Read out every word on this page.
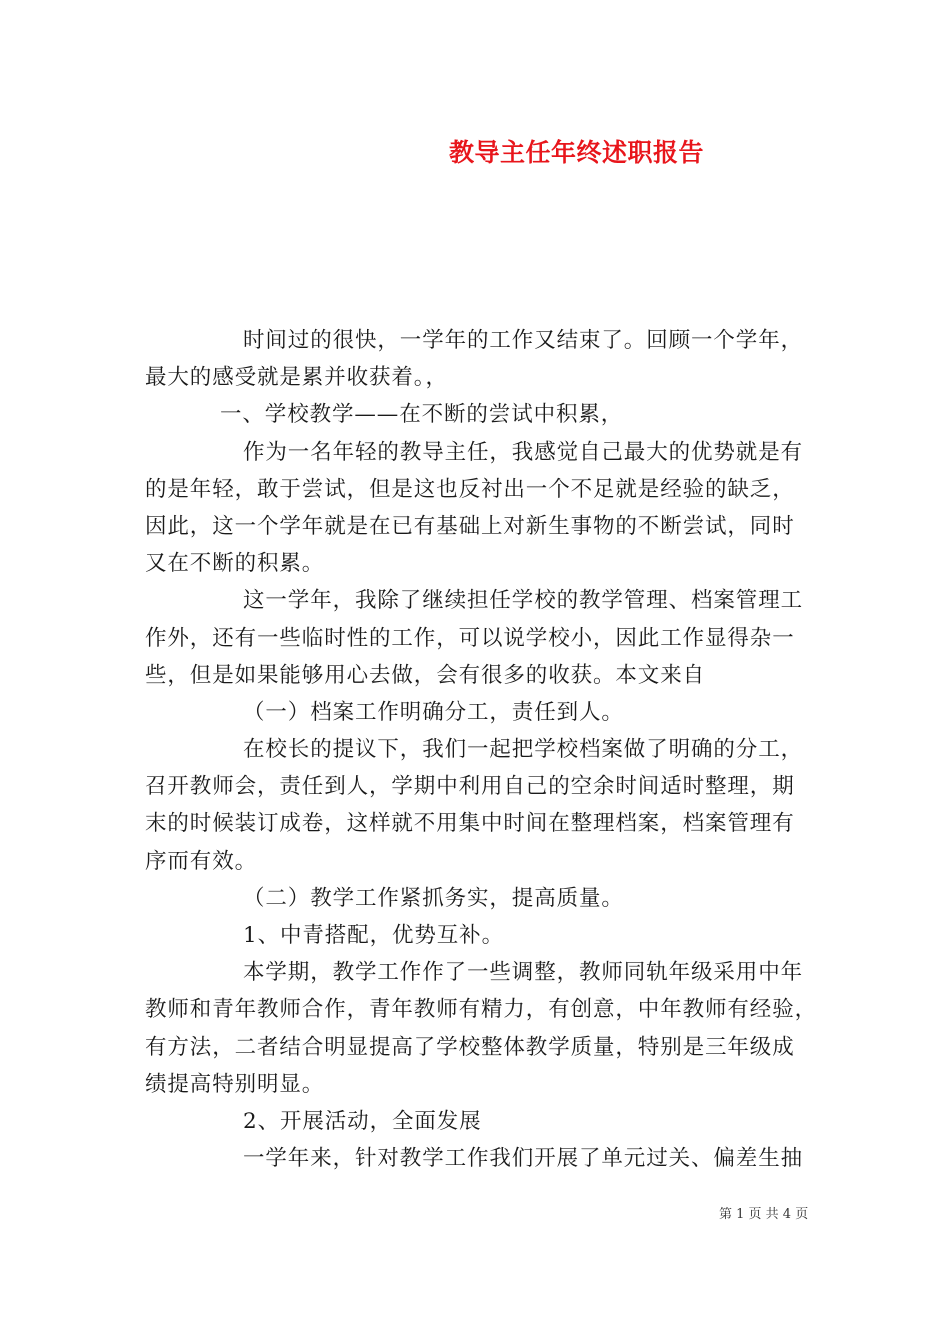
教导主任年终述职报告
时间过的很快，一学年的工作又结束了。回顾一个学年，
最大的感受就是累并收获着。，
一、学校教学——在不断的尝试中积累，
作为一名年轻的教导主任，我感觉自己最大的优势就是有
的是年轻，敢于尝试，但是这也反衬出一个不足就是经验的缺乏，
因此，这一个学年就是在已有基础上对新生事物的不断尝试，同时
又在不断的积累。
这一学年，我除了继续担任学校的教学管理、档案管理工
作外，还有一些临时性的工作，可以说学校小，因此工作显得杂一
些，但是如果能够用心去做，会有很多的收获。本文来自
（一）档案工作明确分工，责任到人。
在校长的提议下，我们一起把学校档案做了明确的分工，
召开教师会，责任到人，学期中利用自己的空余时间适时整理，期
末的时候装订成卷，这样就不用集中时间在整理档案，档案管理有
序而有效。
（二）教学工作紧抓务实，提高质量。
1、中青搭配，优势互补。
本学期，教学工作作了一些调整，教师同轨年级采用中年
教师和青年教师合作，青年教师有精力，有创意，中年教师有经验，
有方法，二者结合明显提高了学校整体教学质量，特别是三年级成
绩提高特别明显。
2、开展活动，全面发展
一学年来，针对教学工作我们开展了单元过关、偏差生抽
第 1 页 共 4 页
